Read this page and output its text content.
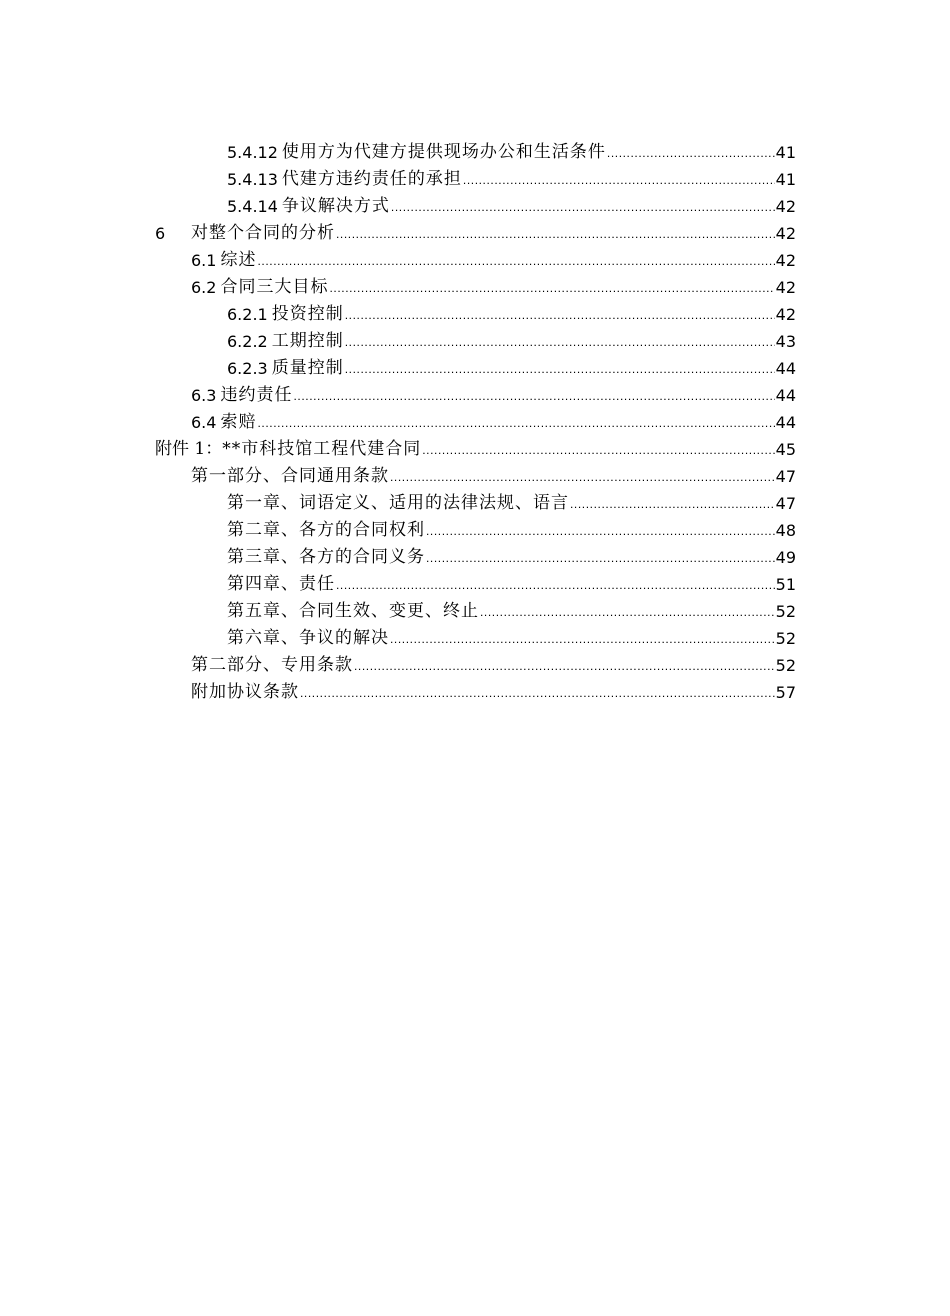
5.4.12 使用方为代建方提供现场办公和生活条件 .....	41
5.4.13 代建方违约责任的承担 .....	41
5.4.14 争议解决方式 .....	42
6	对整个合同的分析 .....	42
6.1 综述 .....	42
6.2 合同三大目标 .....	42
6.2.1 投资控制 .....	42
6.2.2 工期控制 .....	43
6.2.3 质量控制 .....	44
6.3 违约责任 .....	44
6.4 索赔 .....	44
附件 1： **市科技馆工程代建合同 .....	45
第一部分、合同通用条款 .....	47
第一章、词语定义、适用的法律法规、语言 .....	47
第二章、各方的合同权利 .....	48
第三章、各方的合同义务 .....	49
第四章、责任 .....	51
第五章、合同生效、变更、终止 .....	52
第六章、争议的解决 .....	52
第二部分、专用条款 .....	52
附加协议条款 .....	57
